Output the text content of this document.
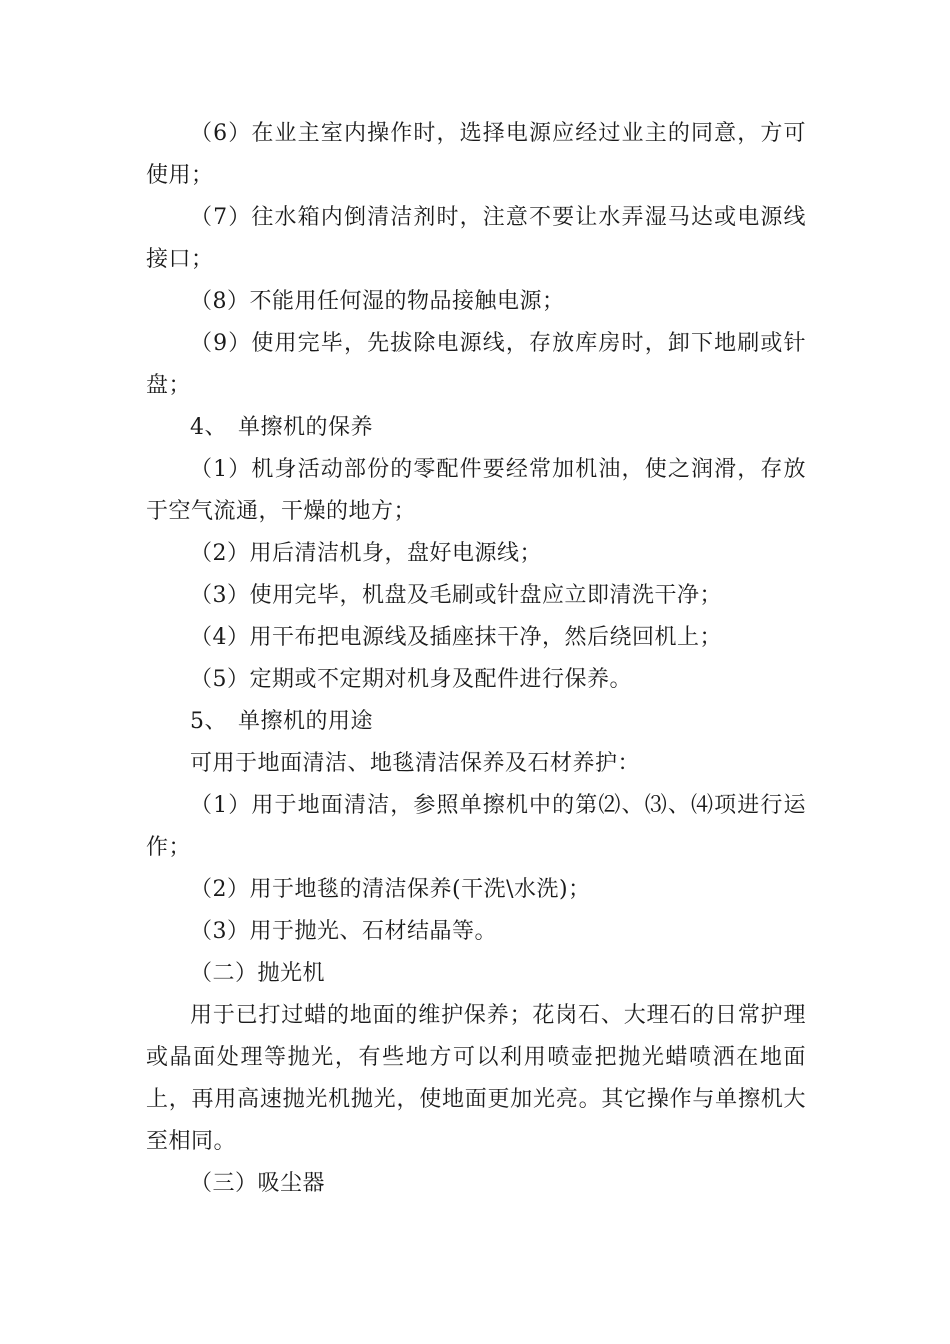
（6）在业主室内操作时，选择电源应经过业主的同意，方可使用；

（7）往水箱内倒清洁剂时，注意不要让水弄湿马达或电源线接口；

（8）不能用任何湿的物品接触电源；

（9）使用完毕，先拔除电源线，存放库房时，卸下地刷或针盘；

4、 单擦机的保养

（1）机身活动部份的零配件要经常加机油，使之润滑，存放于空气流通，干燥的地方；

（2）用后清洁机身，盘好电源线；

（3）使用完毕，机盘及毛刷或针盘应立即清洗干净；

（4）用干布把电源线及插座抹干净，然后绕回机上；

（5）定期或不定期对机身及配件进行保养。

5、 单擦机的用途

可用于地面清洁、地毯清洁保养及石材养护：

（1）用于地面清洁，参照单擦机中的第⑵、⑶、⑷项进行运作；

（2）用于地毯的清洁保养(干洗\水洗)；

（3）用于抛光、石材结晶等。

（二）抛光机

用于已打过蜡的地面的维护保养；花岗石、大理石的日常护理或晶面处理等抛光，有些地方可以利用喷壶把抛光蜡喷洒在地面上，再用高速抛光机抛光，使地面更加光亮。其它操作与单擦机大至相同。

（三）吸尘器
